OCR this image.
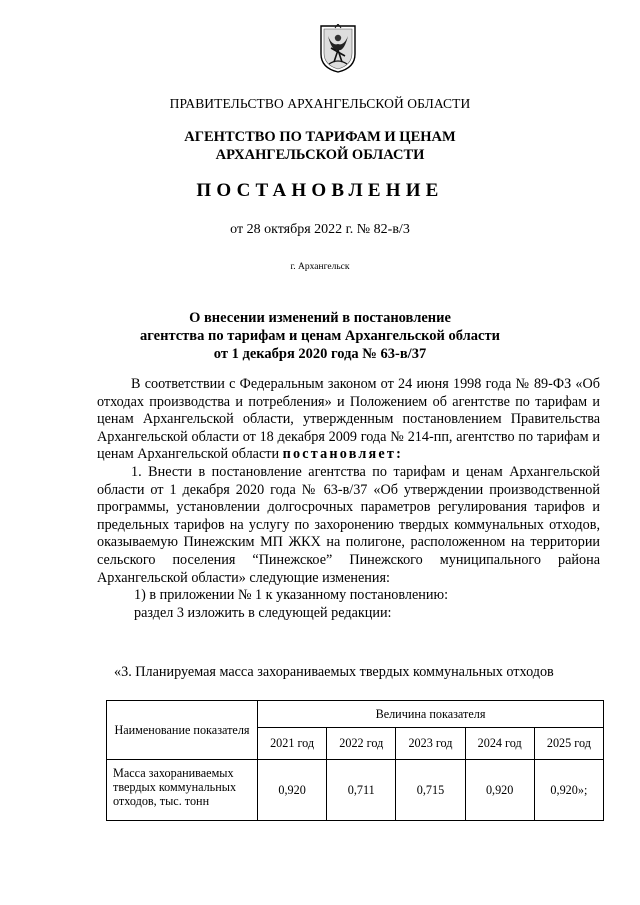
ПРАВИТЕЛЬСТВО АРХАНГЕЛЬСКОЙ ОБЛАСТИ
АГЕНТСТВО ПО ТАРИФАМ И ЦЕНАМ
АРХАНГЕЛЬСКОЙ ОБЛАСТИ
ПОСТАНОВЛЕНИЕ
от 28 октября 2022 г. № 82-в/3
г. Архангельск
О внесении изменений в постановление
агентства по тарифам и ценам Архангельской области
от 1 декабря 2020 года № 63-в/37

В соответствии с Федеральным законом от 24 июня 1998 года № 89-ФЗ «Об отходах производства и потребления» и Положением об агентстве по тарифам и ценам Архангельской области, утвержденным постановлением Правительства Архангельской области от 18 декабря 2009 года № 214-пп, агентство по тарифам и ценам Архангельской области постановляет:

1. Внести в постановление агентства по тарифам и ценам Архангельской области от 1 декабря 2020 года № 63-в/37 «Об утверждении производственной программы, установлении долгосрочных параметров регулирования тарифов и предельных тарифов на услугу по захоронению твердых коммунальных отходов, оказываемую Пинежским МП ЖКХ на полигоне, расположенном на территории сельского поселения “Пинежское” Пинежского муниципального района Архангельской области» следующие изменения:

1) в приложении № 1 к указанному постановлению:

раздел 3 изложить в следующей редакции:

«3. Планируемая масса захораниваемых твердых коммунальных отходов
Наименование показателя	Величина показателя				
	2021 год	2022 год	2023 год	2024 год	2025 год
Масса захораниваемых твердых коммунальных отходов, тыс. тонн	0,920	0,711	0,715	0,920	0,920»;
